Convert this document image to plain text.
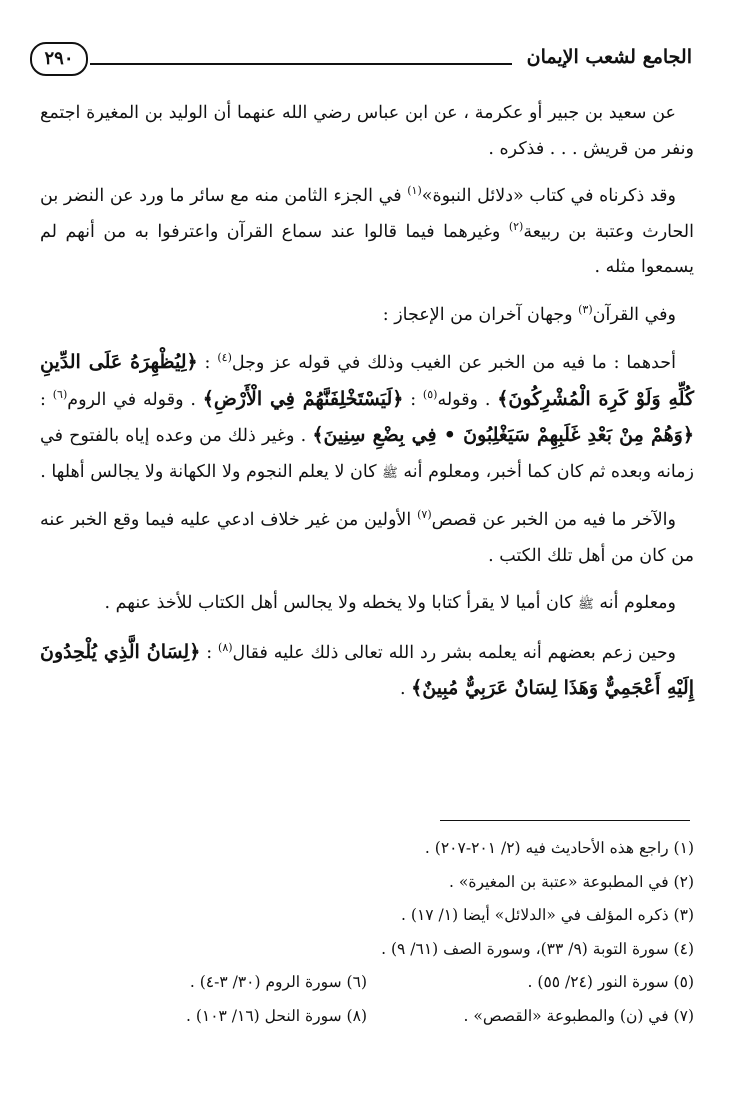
الجامع لشعب الإيمان
٢٩٠

عن سعيد بن جبير أو عكرمة ، عن ابن عباس رضي الله عنهما أن الوليد بن المغيرة اجتمع ونفر من قريش . . . فذكره .

وقد ذكرناه في كتاب «دلائل النبوة»$^{(١)}$ في الجزء الثامن منه مع سائر ما ورد عن النضر بن الحارث وعتبة بن ربيعة$^{(٢)}$ وغيرهما فيما قالوا عند سماع القرآن واعترفوا به من أنهم لم يسمعوا مثله .

وفي القرآن$^{(٣)}$ وجهان آخران من الإعجاز :

أحدهما : ما فيه من الخبر عن الغيب وذلك في قوله عز وجل$^{(٤)}$ : ﴿لِيُظْهِرَهُ عَلَى الدِّينِ كُلِّهِ وَلَوْ كَرِهَ الْمُشْرِكُونَ﴾ . وقوله$^{(٥)}$ : ﴿لَيَسْتَخْلِفَنَّهُمْ فِي الْأَرْضِ﴾ . وقوله في الروم$^{(٦)}$ : ﴿وَهُمْ مِنْ بَعْدِ غَلَبِهِمْ سَيَغْلِبُونَ • فِي بِضْعِ سِنِينَ﴾ . وغير ذلك من وعده إياه بالفتوح في زمانه وبعده ثم كان كما أخبر، ومعلوم أنه ﷺ كان لا يعلم النجوم ولا الكهانة ولا يجالس أهلها .

والآخر ما فيه من الخبر عن قصص$^{(٧)}$ الأولين من غير خلاف ادعي عليه فيما وقع الخبر عنه من كان من أهل تلك الكتب .

ومعلوم أنه ﷺ كان أميا لا يقرأ كتابا ولا يخطه ولا يجالس أهل الكتاب للأخذ عنهم .

وحين زعم بعضهم أنه يعلمه بشر رد الله تعالى ذلك عليه فقال$^{(٨)}$ : ﴿لِسَانُ الَّذِي يُلْحِدُونَ إِلَيْهِ أَعْجَمِيٌّ وَهَذَا لِسَانٌ عَرَبِيٌّ مُبِينٌ﴾ .

(١) راجع هذه الأحاديث فيه (٢/ ٢٠١-٢٠٧) .
(٢) في المطبوعة «عتبة بن المغيرة» .
(٣) ذكره المؤلف في «الدلائل» أيضا (١/ ١٧) .
(٤) سورة التوبة (٩/ ٣٣)، وسورة الصف (٦١/ ٩) .
(٥) سورة النور (٢٤/ ٥٥) .
(٦) سورة الروم (٣٠/ ٣-٤) .
(٧) في (ن) والمطبوعة «القصص» .
(٨) سورة النحل (١٦/ ١٠٣) .
